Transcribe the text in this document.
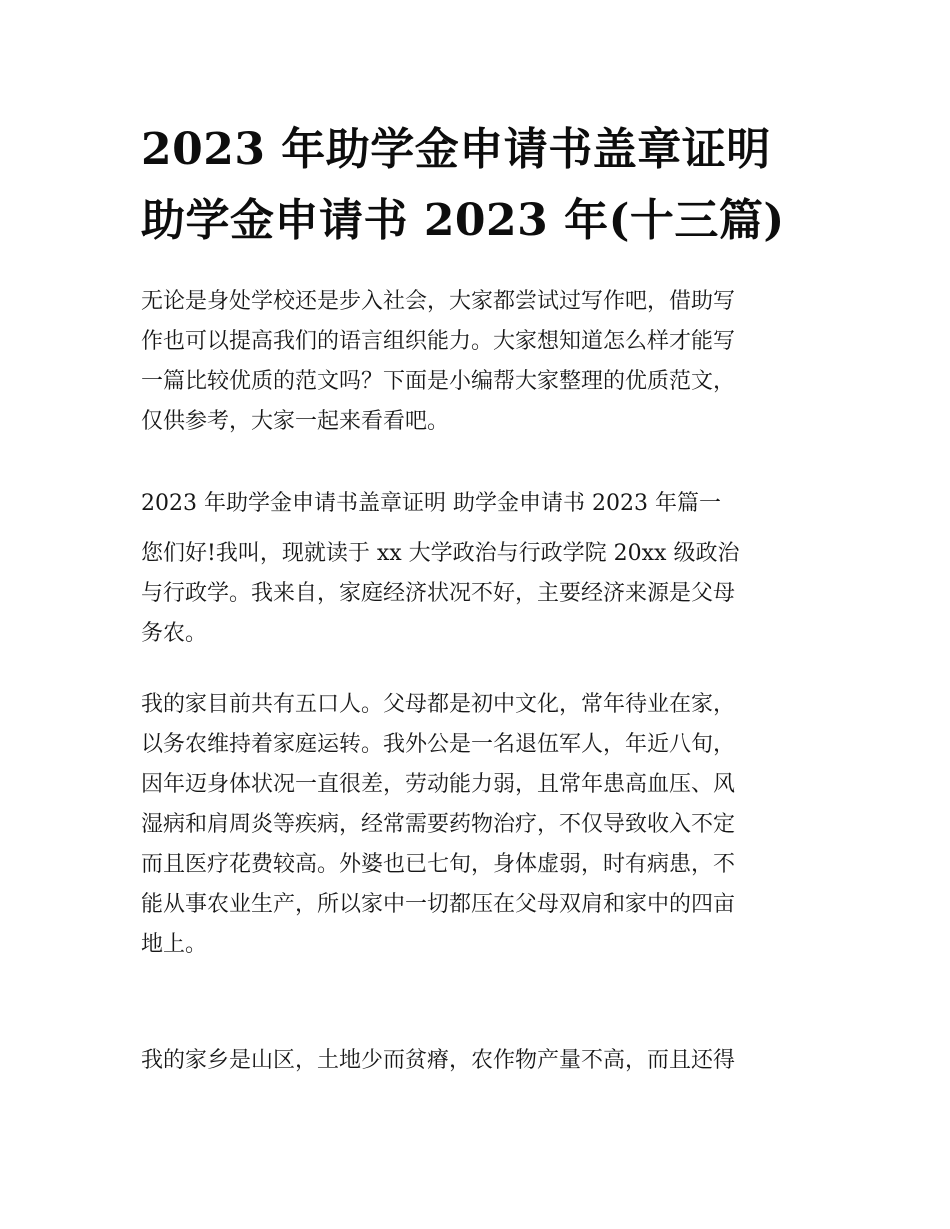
2023 年助学金申请书盖章证明
助学金申请书 2023 年(十三篇)

无论是身处学校还是步入社会，大家都尝试过写作吧，借助写
作也可以提高我们的语言组织能力。大家想知道怎么样才能写
一篇比较优质的范文吗？下面是小编帮大家整理的优质范文，
仅供参考，大家一起来看看吧。

2023 年助学金申请书盖章证明 助学金申请书 2023 年篇一

您们好!我叫，现就读于 xx 大学政治与行政学院 20xx 级政治
与行政学。我来自，家庭经济状况不好，主要经济来源是父母
务农。

我的家目前共有五口人。父母都是初中文化，常年待业在家，
以务农维持着家庭运转。我外公是一名退伍军人，年近八旬，
因年迈身体状况一直很差，劳动能力弱，且常年患高血压、风
湿病和肩周炎等疾病，经常需要药物治疗，不仅导致收入不定
而且医疗花费较高。外婆也已七旬，身体虚弱，时有病患，不
能从事农业生产，所以家中一切都压在父母双肩和家中的四亩
地上。

我的家乡是山区，土地少而贫瘠，农作物产量不高，而且还得
